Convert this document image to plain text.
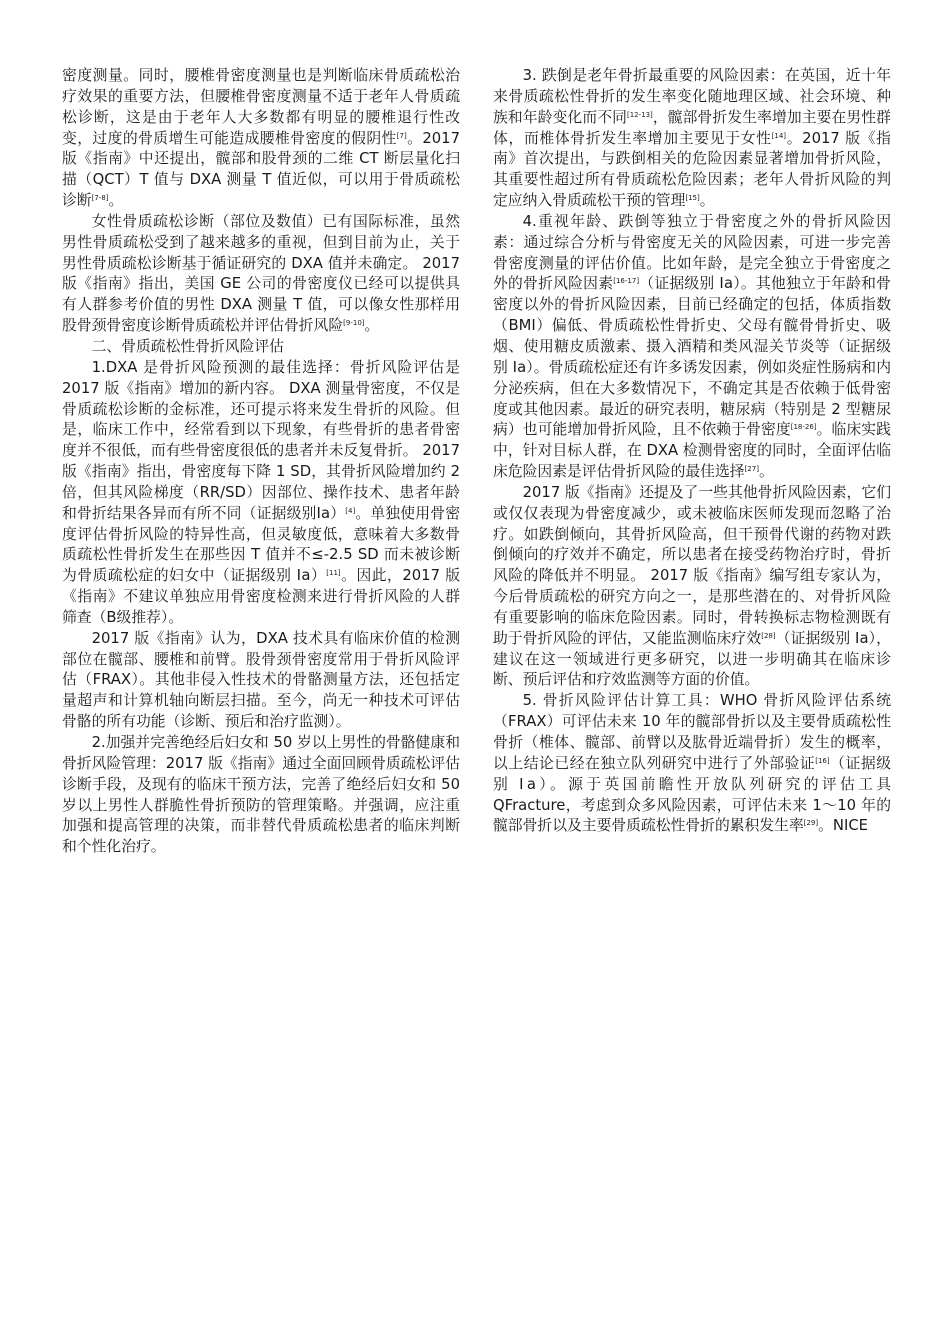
密度测量。同时，腰椎骨密度测量也是判断临床骨质疏松治疗效果的重要方法，但腰椎骨密度测量不适于老年人骨质疏松诊断，这是由于老年人大多数都有明显的腰椎退行性改变，过度的骨质增生可能造成腰椎骨密度的假阴性[7]。2017 版《指南》中还提出，髋部和股骨颈的二维 CT 断层量化扫描（QCT）T 值与 DXA 测量 T 值近似，可以用于骨质疏松诊断[7-8]。

女性骨质疏松诊断（部位及数值）已有国际标准，虽然男性骨质疏松受到了越来越多的重视，但到目前为止，关于男性骨质疏松诊断基于循证研究的 DXA 值并未确定。 2017 版《指南》指出，美国 GE 公司的骨密度仪已经可以提供具有人群参考价值的男性 DXA 测量 T 值，可以像女性那样用股骨颈骨密度诊断骨质疏松并评估骨折风险[9-10]。

二、骨质疏松性骨折风险评估

1.DXA 是骨折风险预测的最佳选择：骨折风险评估是 2017 版《指南》增加的新内容。 DXA 测量骨密度，不仅是骨质疏松诊断的金标准，还可提示将来发生骨折的风险。但是，临床工作中，经常看到以下现象，有些骨折的患者骨密度并不很低，而有些骨密度很低的患者并未反复骨折。 2017 版《指南》指出，骨密度每下降 1 SD，其骨折风险增加约 2 倍，但其风险梯度（RR/SD）因部位、操作技术、患者年龄和骨折结果各异而有所不同（证据级别Ⅰa）[4]。单独使用骨密度评估骨折风险的特异性高，但灵敏度低，意味着大多数骨质疏松性骨折发生在那些因 T 值并不≤-2.5 SD 而未被诊断为骨质疏松症的妇女中（证据级别 Ⅰa）[11]。因此，2017 版《指南》不建议单独应用骨密度检测来进行骨折风险的人群筛查（B级推荐）。

2017 版《指南》认为，DXA 技术具有临床价值的检测部位在髋部、腰椎和前臂。股骨颈骨密度常用于骨折风险评估（FRAX）。其他非侵入性技术的骨骼测量方法，还包括定量超声和计算机轴向断层扫描。至今，尚无一种技术可评估骨骼的所有功能（诊断、预后和治疗监测）。

2.加强并完善绝经后妇女和 50 岁以上男性的骨骼健康和骨折风险管理：2017 版《指南》通过全面回顾骨质疏松评估诊断手段，及现有的临床干预方法，完善了绝经后妇女和 50 岁以上男性人群脆性骨折预防的管理策略。并强调，应注重加强和提高管理的决策，而非替代骨质疏松患者的临床判断和个性化治疗。

3. 跌倒是老年骨折最重要的风险因素：在英国，近十年来骨质疏松性骨折的发生率变化随地理区域、社会环境、种族和年龄变化而不同[12-13]，髋部骨折发生率增加主要在男性群体，而椎体骨折发生率增加主要见于女性[14]。2017 版《指南》首次提出，与跌倒相关的危险因素显著增加骨折风险，其重要性超过所有骨质疏松危险因素；老年人骨折风险的判定应纳入骨质疏松干预的管理[15]。

4.重视年龄、跌倒等独立于骨密度之外的骨折风险因素：通过综合分析与骨密度无关的风险因素，可进一步完善骨密度测量的评估价值。比如年龄，是完全独立于骨密度之外的骨折风险因素[16-17]（证据级别 Ⅰa）。其他独立于年龄和骨密度以外的骨折风险因素，目前已经确定的包括，体质指数（BMI）偏低、骨质疏松性骨折史、父母有髋骨骨折史、吸烟、使用糖皮质激素、摄入酒精和类风湿关节炎等（证据级别 Ⅰa）。骨质疏松症还有许多诱发因素，例如炎症性肠病和内分泌疾病，但在大多数情况下，不确定其是否依赖于低骨密度或其他因素。最近的研究表明，糖尿病（特别是 2 型糖尿病）也可能增加骨折风险，且不依赖于骨密度[18-26]。临床实践中，针对目标人群，在 DXA 检测骨密度的同时，全面评估临床危险因素是评估骨折风险的最佳选择[27]。

2017 版《指南》还提及了一些其他骨折风险因素，它们或仅仅表现为骨密度减少，或未被临床医师发现而忽略了治疗。如跌倒倾向，其骨折风险高，但干预骨代谢的药物对跌倒倾向的疗效并不确定，所以患者在接受药物治疗时，骨折风险的降低并不明显。 2017 版《指南》编写组专家认为，今后骨质疏松的研究方向之一，是那些潜在的、对骨折风险有重要影响的临床危险因素。同时，骨转换标志物检测既有助于骨折风险的评估，又能监测临床疗效[28]（证据级别 Ⅰa），建议在这一领域进行更多研究，以进一步明确其在临床诊断、预后评估和疗效监测等方面的价值。

5. 骨折风险评估计算工具：WHO 骨折风险评估系统（FRAX）可评估未来 10 年的髋部骨折以及主要骨质疏松性骨折（椎体、髋部、前臂以及肱骨近端骨折）发生的概率，以上结论已经在独立队列研究中进行了外部验证[16]（证据级别 Ⅰa）。源于英国前瞻性开放队列研究的评估工具 QFracture，考虑到众多风险因素，可评估未来 1～10 年的髋部骨折以及主要骨质疏松性骨折的累积发生率[29]。NICE
